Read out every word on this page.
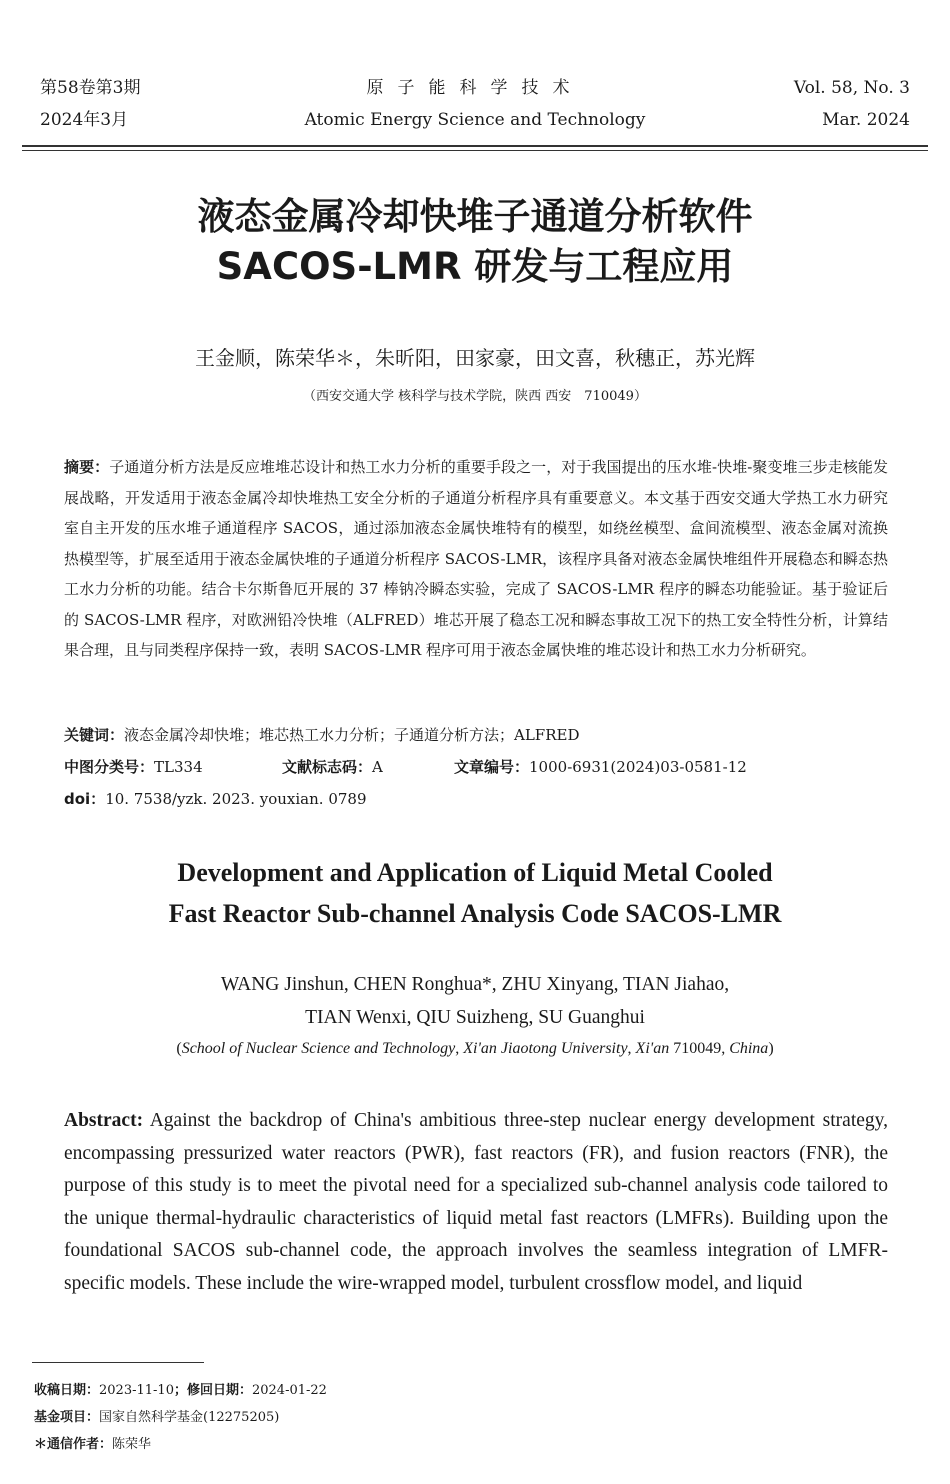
第58卷第3期
2024年3月
原子能科学技术
Atomic Energy Science and Technology
Vol. 58, No. 3
Mar. 2024
液态金属冷却快堆子通道分析软件
SACOS-LMR 研发与工程应用
王金顺，陈荣华＊，朱昕阳，田家豪，田文喜，秋穗正，苏光辉
（西安交通大学 核科学与技术学院，陕西 西安　710049）
摘要：子通道分析方法是反应堆堆芯设计和热工水力分析的重要手段之一，对于我国提出的压水堆-快堆-聚变堆三步走核能发展战略，开发适用于液态金属冷却快堆热工安全分析的子通道分析程序具有重要意义。本文基于西安交通大学热工水力研究室自主开发的压水堆子通道程序 SACOS，通过添加液态金属快堆特有的模型，如绕丝模型、盒间流模型、液态金属对流换热模型等，扩展至适用于液态金属快堆的子通道分析程序 SACOS-LMR，该程序具备对液态金属快堆组件开展稳态和瞬态热工水力分析的功能。结合卡尔斯鲁厄开展的 37 棒钠冷瞬态实验，完成了 SACOS-LMR 程序的瞬态功能验证。基于验证后的 SACOS-LMR 程序，对欧洲铅冷快堆（ALFRED）堆芯开展了稳态工况和瞬态事故工况下的热工安全特性分析，计算结果合理，且与同类程序保持一致，表明 SACOS-LMR 程序可用于液态金属快堆的堆芯设计和热工水力分析研究。
关键词：液态金属冷却快堆；堆芯热工水力分析；子通道分析方法；ALFRED
中图分类号：TL334	文献标志码：A	文章编号：1000-6931(2024)03-0581-12
doi：10. 7538/yzk. 2023. youxian. 0789
Development and Application of Liquid Metal Cooled
Fast Reactor Sub-channel Analysis Code SACOS-LMR
WANG Jinshun, CHEN Ronghua*, ZHU Xinyang, TIAN Jiahao,
TIAN Wenxi, QIU Suizheng, SU Guanghui
(School of Nuclear Science and Technology, Xi'an Jiaotong University, Xi'an 710049, China)
Abstract: Against the backdrop of China's ambitious three-step nuclear energy development strategy, encompassing pressurized water reactors (PWR), fast reactors (FR), and fusion reactors (FNR), the purpose of this study is to meet the pivotal need for a specialized sub-channel analysis code tailored to the unique thermal-hydraulic characteristics of liquid metal fast reactors (LMFRs). Building upon the foundational SACOS sub-channel code, the approach involves the seamless integration of LMFR-specific models. These include the wire-wrapped model, turbulent crossflow model, and liquid
收稿日期：2023-11-10；修回日期：2024-01-22
基金项目：国家自然科学基金(12275205)
＊通信作者：陈荣华
